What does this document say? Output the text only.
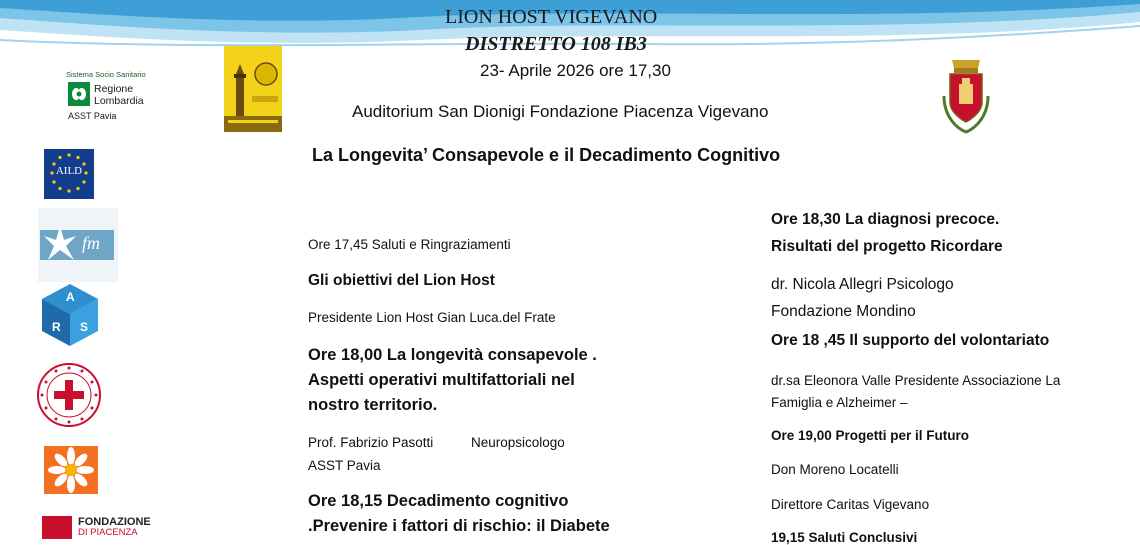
LION HOST VIGEVANO
DISTRETTO 108 IB3
23- Aprile 2026 ore 17,30
Auditorium San Dionigi Fondazione Piacenza Vigevano
La Longevita’ Consapevole e il Decadimento Cognitivo
Sistema Socio Sanitario
Regione
Lombardia
ASST Pavia
AILD
fm
A
R S
FONDAZIONE
DI PIACENZA
Ore 17,45 Saluti e Ringraziamenti
Gli obiettivi del Lion Host
Presidente Lion Host Gian Luca.del Frate
Ore 18,00 La longevità consapevole .
Aspetti operativi multifattoriali nel
nostro territorio.
Prof. Fabrizio Pasotti	Neuropsicologo
ASST Pavia
Ore 18,15 Decadimento cognitivo
.Prevenire i fattori di rischio: il Diabete
Ore 18,30 La diagnosi precoce.
Risultati del progetto Ricordare
dr. Nicola Allegri Psicologo
Fondazione Mondino
Ore 18 ,45 Il supporto del volontariato
dr.sa Eleonora Valle Presidente Associazione La
Famiglia e Alzheimer –
Ore 19,00 Progetti per il Futuro
Don Moreno Locatelli
Direttore Caritas Vigevano
19,15 Saluti Conclusivi
